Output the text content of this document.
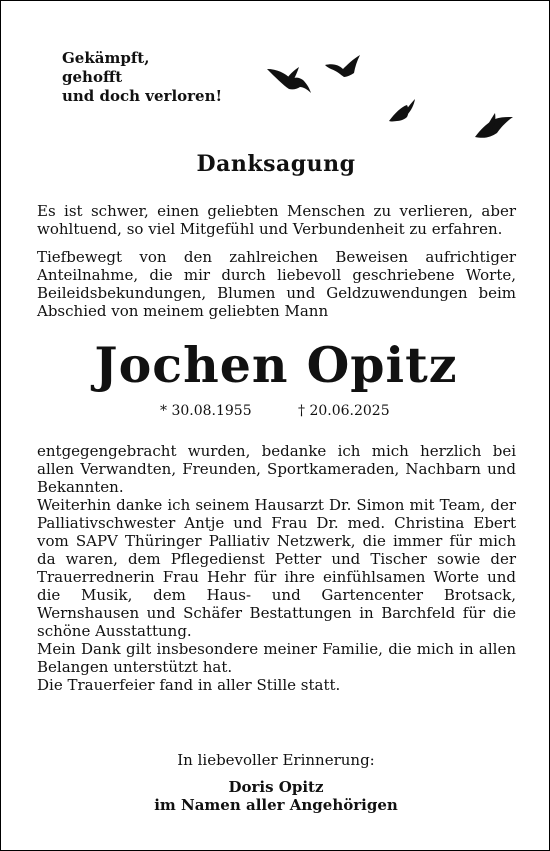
Gekämpft,
gehofft
und doch verloren!
Danksagung

Es ist schwer, einen geliebten Menschen zu verlieren, aber wohltuend, so viel Mitgefühl und Verbundenheit zu erfahren.

Tiefbewegt von den zahlreichen Beweisen aufrichtiger Anteilnahme, die mir durch liebevoll geschriebene Worte, Beileidsbekundungen, Blumen und Geldzuwendungen beim Abschied von meinem geliebten Mann

Jochen Opitz
* 30.08.1955	† 20.06.2025

entgegengebracht wurden, bedanke ich mich herzlich bei allen Verwandten, Freunden, Sportkameraden, Nachbarn und Bekannten.

Weiterhin danke ich seinem Hausarzt Dr. Simon mit Team, der Palliativschwester Antje und Frau Dr. med. Christina Ebert vom SAPV Thüringer Palliativ Netzwerk, die immer für mich da waren, dem Pflegedienst Petter und Tischer sowie der Trauerrednerin Frau Hehr für ihre einfühlsamen Worte und die Musik, dem Haus- und Gartencenter Brotsack, Wernshausen und Schäfer Bestattungen in Barchfeld für die schöne Ausstattung.

Mein Dank gilt insbesondere meiner Familie, die mich in allen Belangen unterstützt hat.

Die Trauerfeier fand in aller Stille statt.

In liebevoller Erinnerung:
Doris Opitz
im Namen aller Angehörigen
